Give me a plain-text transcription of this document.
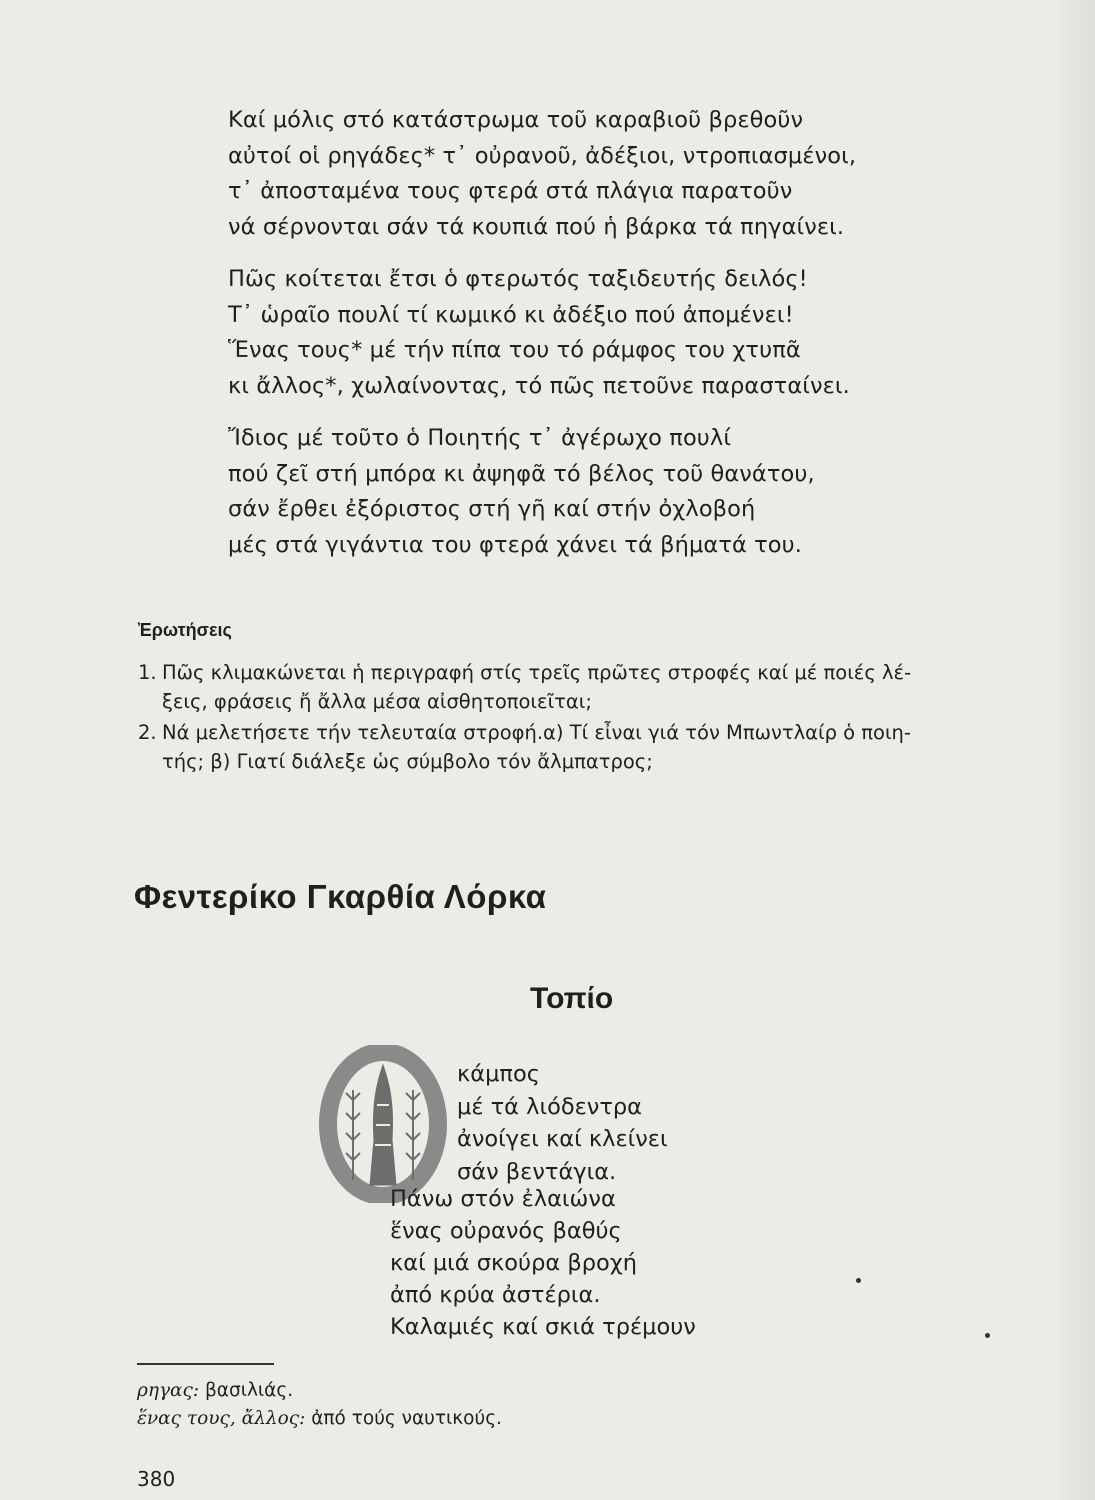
Καί μόλις στό κατάστρωμα τοῦ καραβιοῦ βρεθοῦν
αὐτοί οἱ ρηγάδες* τ᾽ οὐρανοῦ, ἀδέξιοι, ντροπιασμένοι,
τ᾽ ἀποσταμένα τους φτερά στά πλάγια παρατοῦν
νά σέρνονται σάν τά κουπιά πού ἡ βάρκα τά πηγαίνει.
Πῶς κοίτεται ἔτσι ὁ φτερωτός ταξιδευτής δειλός!
Τ᾽ ὡραῖο πουλί τί κωμικό κι ἀδέξιο πού ἀπομένει!
Ἕνας τους* μέ τήν πίπα του τό ράμφος του χτυπᾶ
κι ἄλλος*, χωλαίνοντας, τό πῶς πετοῦνε παρασταίνει.
Ἴδιος μέ τοῦτο ὁ Ποιητής τ᾽ ἀγέρωχο πουλί
πού ζεῖ στή μπόρα κι ἀψηφᾶ τό βέλος τοῦ θανάτου,
σάν ἔρθει ἐξόριστος στή γῆ καί στήν ὀχλοβοή
μές στά γιγάντια του φτερά χάνει τά βήματά του.
Ἐρωτήσεις
1. Πῶς κλιμακώνεται ἡ περιγραφή στίς τρεῖς πρῶτες στροφές καί μέ ποιές λέ-
ξεις, φράσεις ἤ ἄλλα μέσα αἰσθητοποιεῖται;
2. Νά μελετήσετε τήν τελευταία στροφή.α) Τί εἶναι γιά τόν Μπωντλαίρ ὁ ποιη-
τής; β) Γιατί διάλεξε ὡς σύμβολο τόν ἄλμπατρος;
Φεντερίκο Γκαρθία Λόρκα
Τοπίο
κάμπος
μέ τά λιόδεντρα
ἀνοίγει καί κλείνει
σάν βεντάγια.
Πάνω στόν ἐλαιώνα
ἕνας οὐρανός βαθύς
καί μιά σκούρα βροχή
ἀπό κρύα ἀστέρια.
Καλαμιές καί σκιά τρέμουν
ρηγας: βασιλιάς.
ἕνας τους, ἄλλος: ἀπό τούς ναυτικούς.
380
